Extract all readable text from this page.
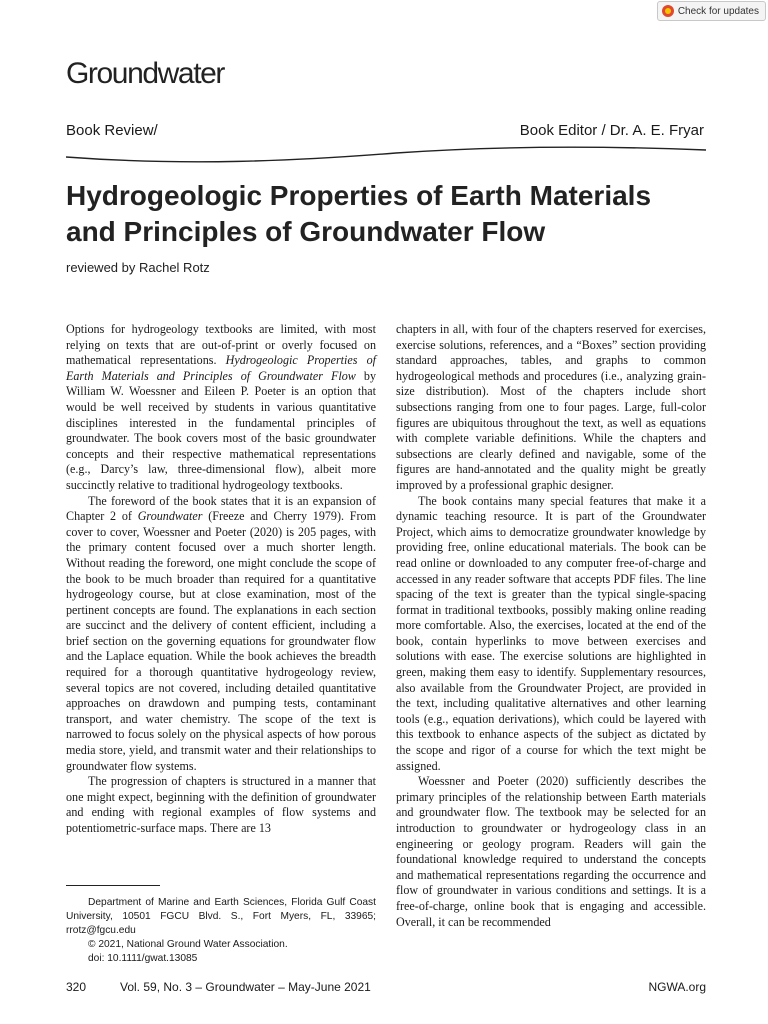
Check for updates
Groundwater
Book Review/	Book Editor / Dr. A. E. Fryar
Hydrogeologic Properties of Earth Materials
and Principles of Groundwater Flow
reviewed by Rachel Rotz

Options for hydrogeology textbooks are limited, with most relying on texts that are out-of-print or overly focused on mathematical representations. Hydrogeologic Properties of Earth Materials and Principles of Groundwater Flow by William W. Woessner and Eileen P. Poeter is an option that would be well received by students in various quantitative disciplines interested in the fundamental principles of groundwater. The book covers most of the basic groundwater concepts and their respective mathematical representations (e.g., Darcy’s law, three-dimensional flow), albeit more succinctly relative to traditional hydrogeology textbooks.

The foreword of the book states that it is an expansion of Chapter 2 of Groundwater (Freeze and Cherry 1979). From cover to cover, Woessner and Poeter (2020) is 205 pages, with the primary content focused over a much shorter length. Without reading the foreword, one might conclude the scope of the book to be much broader than required for a quantitative hydrogeology course, but at close examination, most of the pertinent concepts are found. The explanations in each section are succinct and the delivery of content efficient, including a brief section on the governing equations for groundwater flow and the Laplace equation. While the book achieves the breadth required for a thorough quantitative hydrogeology review, several topics are not covered, including detailed quantitative approaches on drawdown and pumping tests, contaminant transport, and water chemistry. The scope of the text is narrowed to focus solely on the physical aspects of how porous media store, yield, and transmit water and their relationships to groundwater flow systems.

The progression of chapters is structured in a manner that one might expect, beginning with the definition of groundwater and ending with regional examples of flow systems and potentiometric-surface maps. There are 13

chapters in all, with four of the chapters reserved for exercises, exercise solutions, references, and a “Boxes” section providing standard approaches, tables, and graphs to common hydrogeological methods and procedures (i.e., analyzing grain-size distribution). Most of the chapters include short subsections ranging from one to four pages. Large, full-color figures are ubiquitous throughout the text, as well as equations with complete variable definitions. While the chapters and subsections are clearly defined and navigable, some of the figures are hand-annotated and the quality might be greatly improved by a professional graphic designer.

The book contains many special features that make it a dynamic teaching resource. It is part of the Groundwater Project, which aims to democratize groundwater knowledge by providing free, online educational materials. The book can be read online or downloaded to any computer free-of-charge and accessed in any reader software that accepts PDF files. The line spacing of the text is greater than the typical single-spacing format in traditional textbooks, possibly making online reading more comfortable. Also, the exercises, located at the end of the book, contain hyperlinks to move between exercises and solutions with ease. The exercise solutions are highlighted in green, making them easy to identify. Supplementary resources, also available from the Groundwater Project, are provided in the text, including qualitative alternatives and other learning tools (e.g., equation derivations), which could be layered with this textbook to enhance aspects of the subject as dictated by the scope and rigor of a course for which the text might be assigned.

Woessner and Poeter (2020) sufficiently describes the primary principles of the relationship between Earth materials and groundwater flow. The textbook may be selected for an introduction to groundwater or hydrogeology class in an engineering or geology program. Readers will gain the foundational knowledge required to understand the concepts and mathematical representations regarding the occurrence and flow of groundwater in various conditions and settings. It is a free-of-charge, online book that is engaging and accessible. Overall, it can be recommended

Department of Marine and Earth Sciences, Florida Gulf Coast University, 10501 FGCU Blvd. S., Fort Myers, FL, 33965; rrotz@fgcu.edu

© 2021, National Ground Water Association.

doi: 10.1111/gwat.13085

320	Vol. 59, No. 3 – Groundwater – May-June 2021	NGWA.org
